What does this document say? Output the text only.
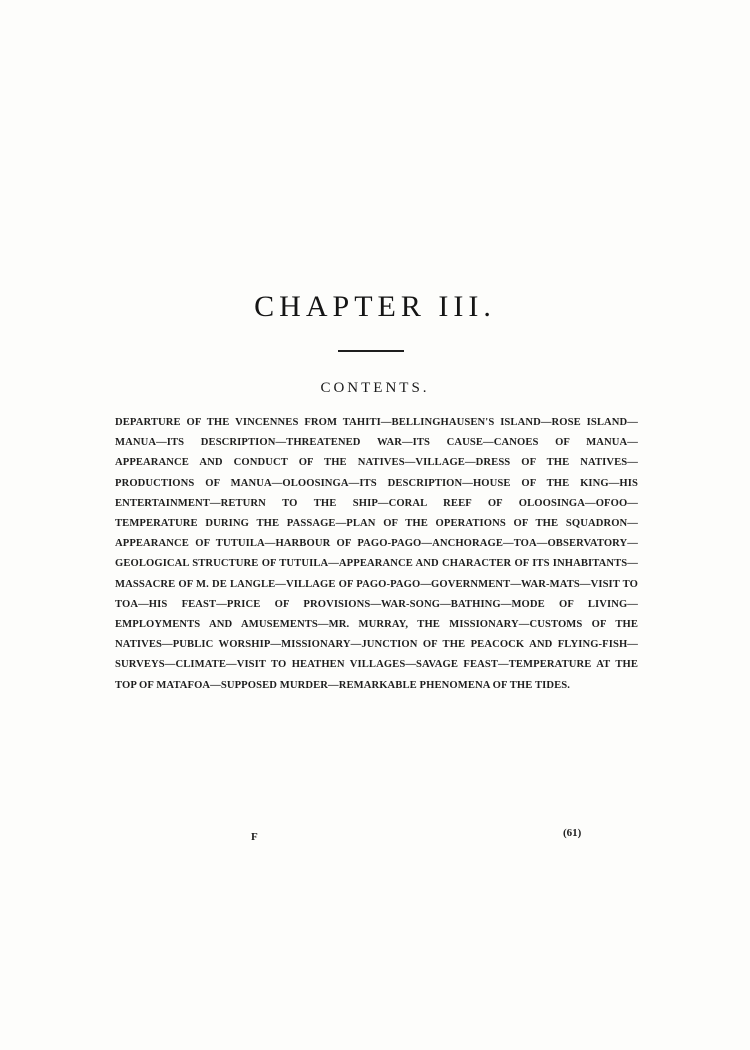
CHAPTER III.
CONTENTS.

DEPARTURE OF THE VINCENNES FROM TAHITI—BELLINGHAUSEN'S ISLAND—ROSE ISLAND—MANUA—ITS DESCRIPTION—THREATENED WAR—ITS CAUSE—CANOES OF MANUA—APPEARANCE AND CONDUCT OF THE NATIVES—VILLAGE—DRESS OF THE NATIVES—PRODUCTIONS OF MANUA—OLOOSINGA—ITS DESCRIPTION—HOUSE OF THE KING—HIS ENTERTAINMENT—RETURN TO THE SHIP—CORAL REEF OF OLOOSINGA—OFOO—TEMPERATURE DURING THE PASSAGE—PLAN OF THE OPERATIONS OF THE SQUADRON—APPEARANCE OF TUTUILA—HARBOUR OF PAGO-PAGO—ANCHORAGE—TOA—OBSERVATORY—GEOLOGICAL STRUCTURE OF TUTUILA—APPEARANCE AND CHARACTER OF ITS INHABITANTS—MASSACRE OF M. DE LANGLE—VILLAGE OF PAGO-PAGO—GOVERNMENT—WAR-MATS—VISIT TO TOA—HIS FEAST—PRICE OF PROVISIONS—WAR-SONG—BATHING—MODE OF LIVING—EMPLOYMENTS AND AMUSEMENTS—MR. MURRAY, THE MISSIONARY—CUSTOMS OF THE NATIVES—PUBLIC WORSHIP—MISSIONARY—JUNCTION OF THE PEACOCK AND FLYING-FISH—SURVEYS—CLIMATE—VISIT TO HEATHEN VILLAGES—SAVAGE FEAST—TEMPERATURE AT THE TOP OF MATAFOA—SUPPOSED MURDER—REMARKABLE PHENOMENA OF THE TIDES.

F	(61)
